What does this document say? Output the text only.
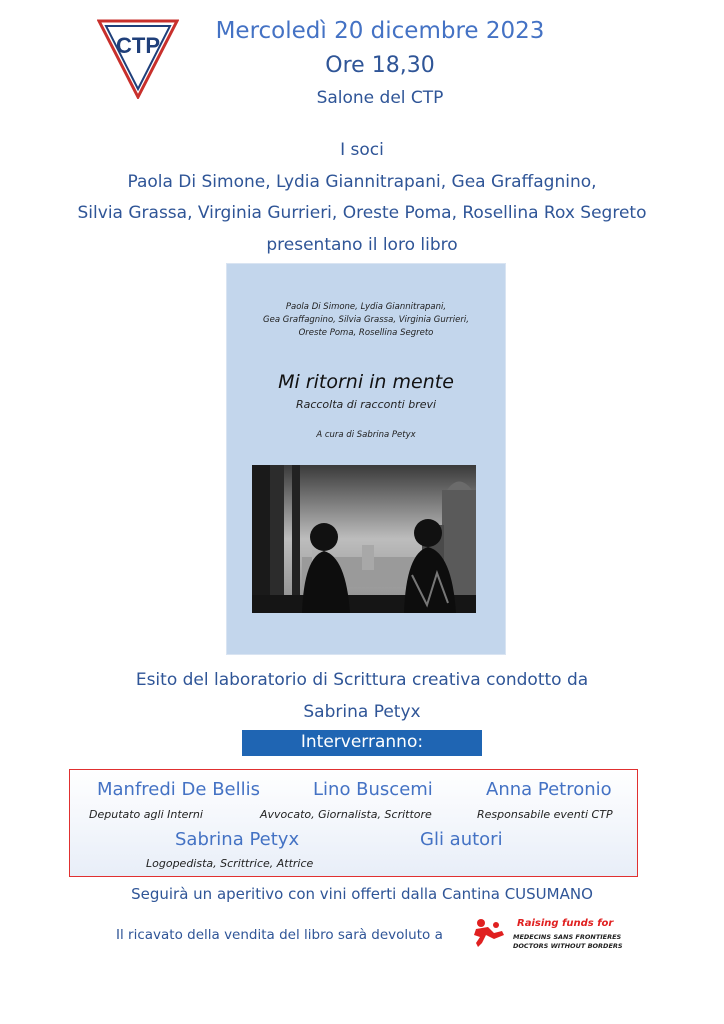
CTP
Mercoledì 20 dicembre 2023
Ore 18,30
Salone del CTP
I soci
Paola Di Simone, Lydia Giannitrapani, Gea Graffagnino,
Silvia Grassa, Virginia Gurrieri, Oreste Poma, Rosellina Rox Segreto
presentano il loro libro
Paola Di Simone, Lydia Giannitrapani,
Gea Graffagnino, Silvia Grassa, Virginia Gurrieri,
Oreste Poma, Rosellina Segreto
Mi ritorni in mente
Raccolta di racconti brevi
A cura di Sabrina Petyx
Esito del laboratorio di Scrittura creativa condotto da
Sabrina Petyx
Interverranno:
Manfredi De Bellis
Deputato agli Interni
Lino Buscemi
Avvocato, Giornalista, Scrittore
Anna Petronio
Responsabile eventi CTP
Sabrina Petyx
Logopedista, Scrittrice, Attrice
Gli autori
Seguirà un aperitivo con vini offerti dalla Cantina CUSUMANO
Il ricavato della vendita del libro sarà devoluto a
Raising funds for
MEDECINS SANS FRONTIERES
DOCTORS WITHOUT BORDERS
